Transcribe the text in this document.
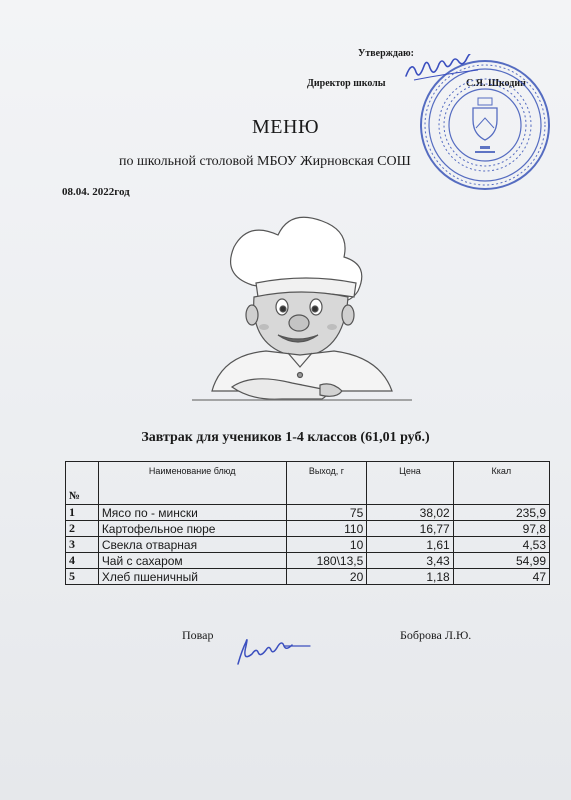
Утверждаю:
Директор школы	С.Я. Шкодин
МЕНЮ
по школьной столовой МБОУ Жирновская СОШ
08.04. 2022год
Завтрак для учеников 1-4 классов (61,01 руб.)
№	Наименование блюд	Выход, г	Цена	Ккал
1	Мясо по - мински	75	38,02	235,9
2	Картофельное пюре	110	16,77	97,8
3	Свекла отварная	10	1,61	4,53
4	Чай с сахаром	180\13,5	3,43	54,99
5	Хлеб пшеничный	20	1,18	47
Повар	Боброва Л.Ю.
